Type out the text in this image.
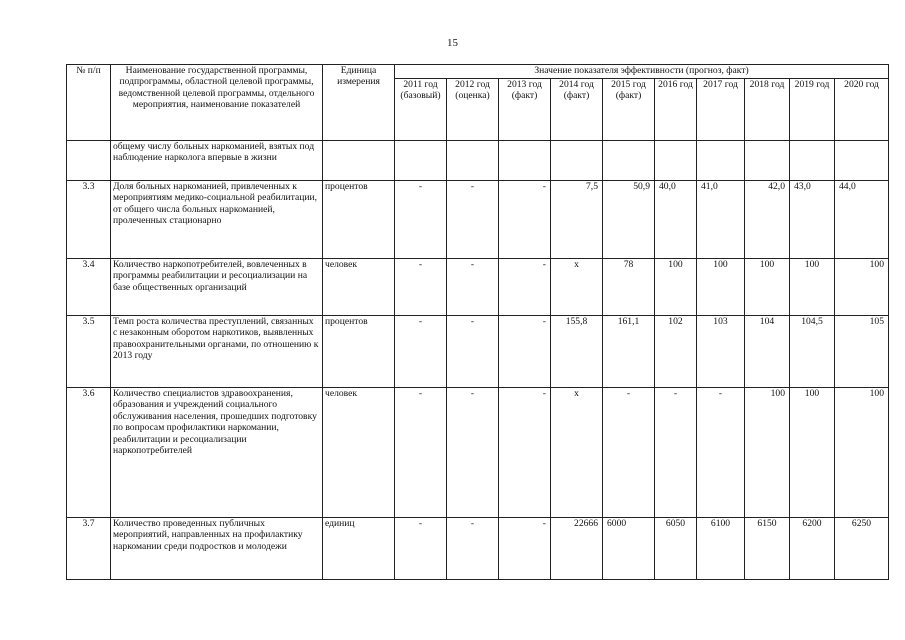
15
№ п/п	Наименование государственной программы, подпрограммы, областной целевой программы, ведомственной целевой программы, отдельного мероприятия, наименование показателей	Единица измерения	Значение показателя эффективности (прогноз, факт)									
			2011 год (базовый)	2012 год (оценка)	2013 год (факт)	2014 год (факт)	2015 год (факт)	2016 год	2017 год	2018 год	2019 год	2020 год
	общему числу больных наркоманией, взятых под наблюдение нарколога впервые в жизни											
3.3	Доля больных наркоманией, привлеченных к мероприятиям медико-социальной реабилитации, от общего числа больных наркоманией, пролеченных стационарно	процентов	-	-	-	7,5	50,9	40,0	41,0	42,0	43,0	44,0
3.4	Количество наркопотребителей, вовлеченных в программы реабилитации и ресоциализации на базе общественных организаций	человек	-	-	-	х	78	100	100	100	100	100
3.5	Темп роста количества преступлений, связанных с незаконным оборотом наркотиков, выявленных правоохранительными органами, по отношению к 2013 году	процентов	-	-	-	155,8	161,1	102	103	104	104,5	105
3.6	Количество специалистов здравоохранения, образования и учреждений социального обслуживания населения, прошедших подготовку по вопросам профилактики наркомании, реабилитации и ресоциализации наркопотребителей	человек	-	-	-	х	-	-	-	100	100	100
3.7	Количество проведенных публичных мероприятий, направленных на профилактику наркомании среди подростков и молодежи	единиц	-	-	-	22666	6000	6050	6100	6150	6200	6250
